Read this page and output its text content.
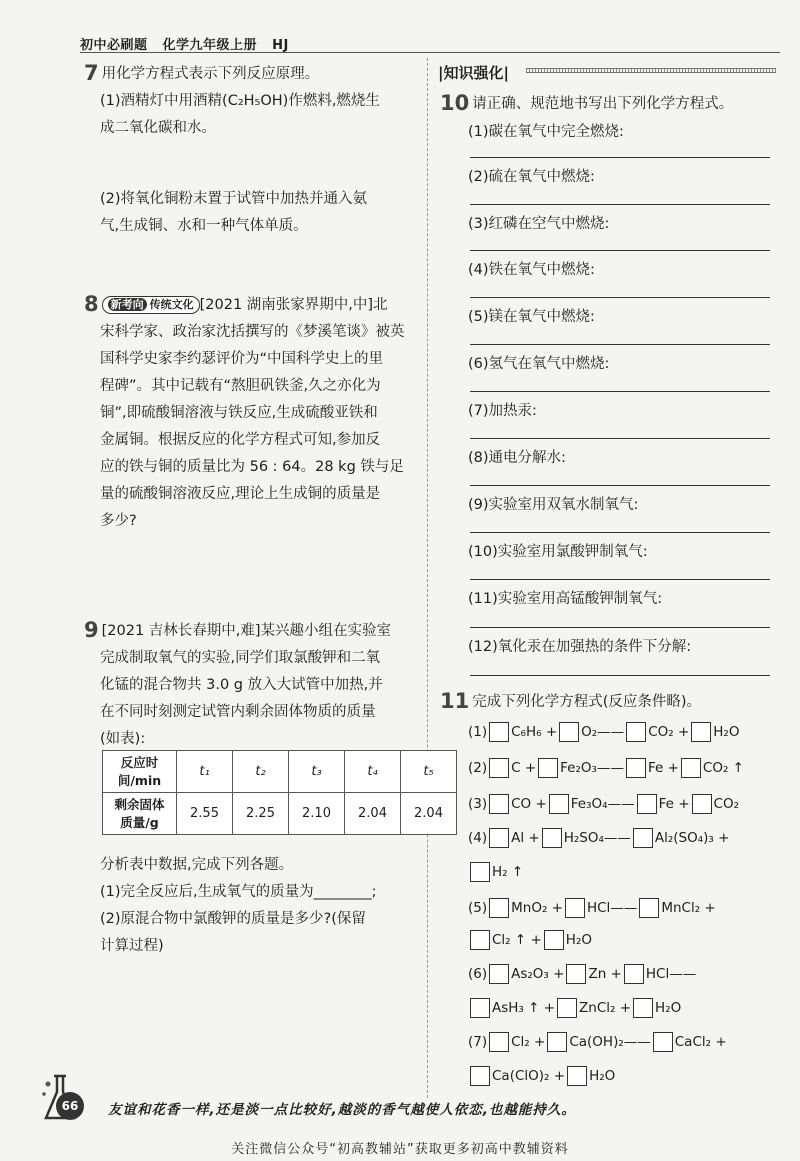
初中必刷题 化学九年级上册 HJ
7 用化学方程式表示下列反应原理。
(1)酒精灯中用酒精(C₂H₅OH)作燃料,燃烧生
成二氧化碳和水。
(2)将氧化铜粉末置于试管中加热并通入氨
气,生成铜、水和一种气体单质。
8 新考向 传统文化 [2021 湖南张家界期中,中]北
宋科学家、政治家沈括撰写的《梦溪笔谈》被英
国科学史家李约瑟评价为“中国科学史上的里
程碑”。其中记载有“熬胆矾铁釜,久之亦化为
铜”,即硫酸铜溶液与铁反应,生成硫酸亚铁和
金属铜。根据反应的化学方程式可知,参加反
应的铁与铜的质量比为 56 : 64。28 kg 铁与足
量的硫酸铜溶液反应,理论上生成铜的质量是
多少?
9 [2021 吉林长春期中,难]某兴趣小组在实验室
完成制取氧气的实验,同学们取氯酸钾和二氧
化锰的混合物共 3.0 g 放入大试管中加热,并
在不同时刻测定试管内剩余固体物质的质量
(如表):
反应时
间/min	t₁	t₂	t₃	t₄	t₅

剩余固体
质量/g	2.55	2.25	2.10	2.04	2.04
分析表中数据,完成下列各题。
(1)完全反应后,生成氧气的质量为________;
(2)原混合物中氯酸钾的质量是多少?(保留
计算过程)
|知识强化|
10 请正确、规范地书写出下列化学方程式。
(1)碳在氧气中完全燃烧:
(2)硫在氧气中燃烧:
(3)红磷在空气中燃烧:
(4)铁在氧气中燃烧:
(5)镁在氧气中燃烧:
(6)氢气在氧气中燃烧:
(7)加热汞:
(8)通电分解水:
(9)实验室用双氧水制氧气:
(10)实验室用氯酸钾制氧气:
(11)实验室用高锰酸钾制氧气:
(12)氧化汞在加强热的条件下分解:
11 完成下列化学方程式(反应条件略)。
(1) C₆H₆ + O₂—— CO₂ + H₂O
(2) C + Fe₂O₃—— Fe + CO₂ ↑
(3) CO + Fe₃O₄—— Fe + CO₂
(4) Al + H₂SO₄—— Al₂(SO₄)₃ +
H₂ ↑
(5) MnO₂ + HCl—— MnCl₂ +
Cl₂ ↑ + H₂O
(6) As₂O₃ + Zn + HCl——
AsH₃ ↑ + ZnCl₂ + H₂O
(7) Cl₂ + Ca(OH)₂—— CaCl₂ +
Ca(ClO)₂ + H₂O
66	友谊和花香一样,还是淡一点比较好,越淡的香气越使人依恋,也越能持久。
关注微信公众号“初高教辅站”获取更多初高中教辅资料
